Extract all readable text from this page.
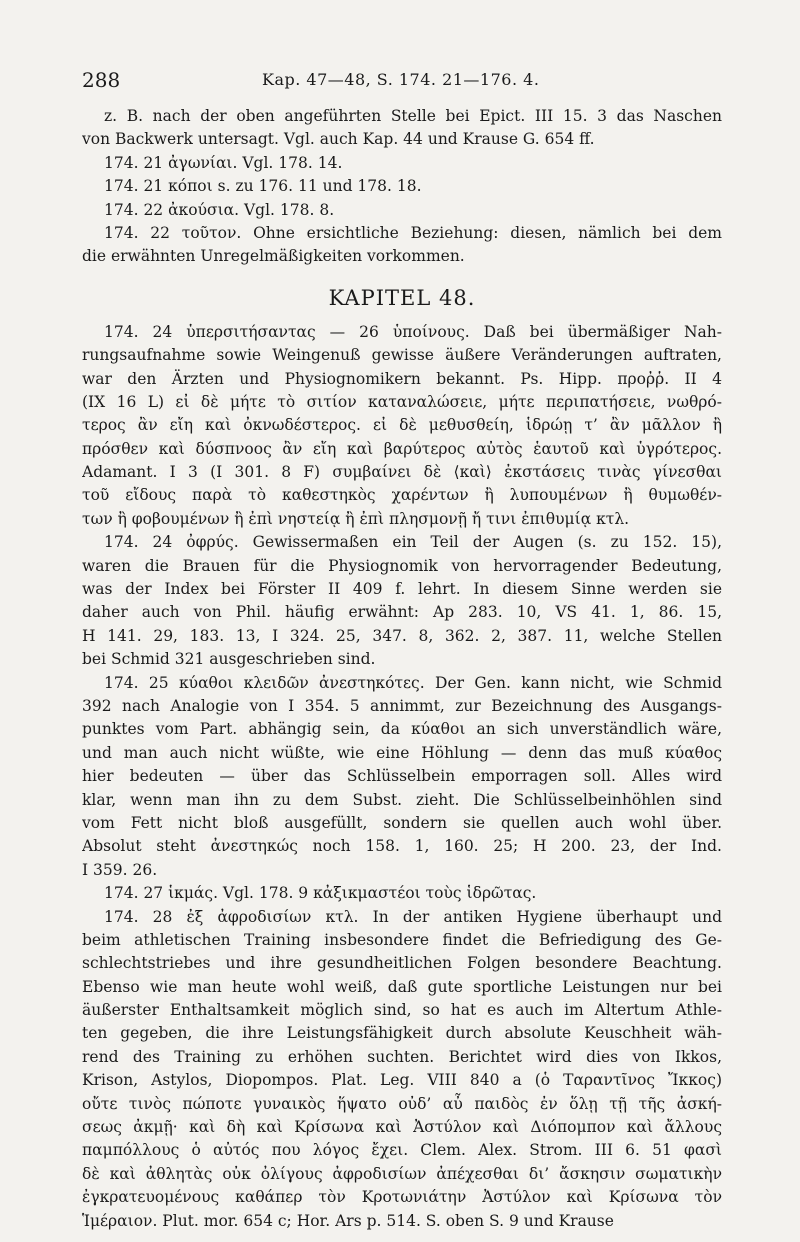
288	Kap. 47—48, S. 174. 21—176. 4.
z. B. nach der oben angeführten Stelle bei Epict. III 15. 3 das Naschen
von Backwerk untersagt. Vgl. auch Kap. 44 und Krause G. 654 ff.
174. 21 ἀγωνίαι. Vgl. 178. 14.
174. 21 κόποι s. zu 176. 11 und 178. 18.
174. 22 ἀκούσια. Vgl. 178. 8.
174. 22 τοῦτον. Ohne ersichtliche Beziehung: diesen, nämlich bei dem
die erwähnten Unregelmäßigkeiten vorkommen.
KAPITEL 48.
174. 24 ὑπερσιτήσαντας — 26 ὑποίνους. Daß bei übermäßiger Nah-
rungsaufnahme sowie Weingenuß gewisse äußere Veränderungen auftraten,
war den Ärzten und Physiognomikern bekannt. Ps. Hipp. προῤῥ. II 4
(IX 16 L) εἰ δὲ μήτε τὸ σιτίον καταναλώσειε, μήτε περιπατήσειε, νωθρό-
τερος ἂν εἴη καὶ ὀκνωδέστερος. εἰ δὲ μεθυσθείη, ἱδρώῃ τ’ ἂν μᾶλλον ἢ
πρόσθεν καὶ δύσπνοος ἂν εἴη καὶ βαρύτερος αὐτὸς ἑαυτοῦ καὶ ὑγρότερος.
Adamant. I 3 (I 301. 8 F) συμβαίνει δὲ ⟨καὶ⟩ ἐκστάσεις τινὰς γίνεσθαι
τοῦ εἴδους παρὰ τὸ καθεστηκὸς χαρέντων ἢ λυπουμένων ἢ θυμωθέν-
των ἢ φοβουμένων ἢ ἐπὶ νηστείᾳ ἢ ἐπὶ πλησμονῇ ἤ τινι ἐπιθυμίᾳ κτλ.
174. 24 ὀφρύς. Gewissermaßen ein Teil der Augen (s. zu 152. 15),
waren die Brauen für die Physiognomik von hervorragender Bedeutung,
was der Index bei Förster II 409 f. lehrt. In diesem Sinne werden sie
daher auch von Phil. häufig erwähnt: Ap 283. 10, VS 41. 1, 86. 15,
H 141. 29, 183. 13, I 324. 25, 347. 8, 362. 2, 387. 11, welche Stellen
bei Schmid 321 ausgeschrieben sind.
174. 25 κύαθοι κλειδῶν ἀνεστηκότες. Der Gen. kann nicht, wie Schmid
392 nach Analogie von I 354. 5 annimmt, zur Bezeichnung des Ausgangs-
punktes vom Part. abhängig sein, da κύαθοι an sich unverständlich wäre,
und man auch nicht wüßte, wie eine Höhlung — denn das muß κύαθος
hier bedeuten — über das Schlüsselbein emporragen soll. Alles wird
klar, wenn man ihn zu dem Subst. zieht. Die Schlüsselbeinhöhlen sind
vom Fett nicht bloß ausgefüllt, sondern sie quellen auch wohl über.
Absolut steht ἀνεστηκώς noch 158. 1, 160. 25; H 200. 23, der Ind.
I 359. 26.
174. 27 ἱκμάς. Vgl. 178. 9 κἀξικμαστέοι τοὺς ἱδρῶτας.
174. 28 ἐξ ἀφροδισίων κτλ. In der antiken Hygiene überhaupt und
beim athletischen Training insbesondere findet die Befriedigung des Ge-
schlechtstriebes und ihre gesundheitlichen Folgen besondere Beachtung.
Ebenso wie man heute wohl weiß, daß gute sportliche Leistungen nur bei
äußerster Enthaltsamkeit möglich sind, so hat es auch im Altertum Athle-
ten gegeben, die ihre Leistungsfähigkeit durch absolute Keuschheit wäh-
rend des Training zu erhöhen suchten. Berichtet wird dies von Ikkos,
Krison, Astylos, Diopompos. Plat. Leg. VIII 840 a (ὁ Ταραντῖνος Ἴκκος)
οὔτε τινὸς πώποτε γυναικὸς ἥψατο οὐδ’ αὖ παιδὸς ἐν ὅλῃ τῇ τῆς ἀσκή-
σεως ἀκμῇ· καὶ δὴ καὶ Κρίσωνα καὶ Ἀστύλον καὶ Διόπομπον καὶ ἄλλους
παμπόλλους ὁ αὐτός που λόγος ἔχει. Clem. Alex. Strom. III 6. 51 φασὶ
δὲ καὶ ἀθλητὰς οὐκ ὀλίγους ἀφροδισίων ἀπέχεσθαι δι’ ἄσκησιν σωματικὴν
ἐγκρατευομένους καθάπερ τὸν Κροτωνιάτην Ἀστύλον καὶ Κρίσωνα τὸν
Ἱμέραιον. Plut. mor. 654 c; Hor. Ars p. 514. S. oben S. 9 und Krause
